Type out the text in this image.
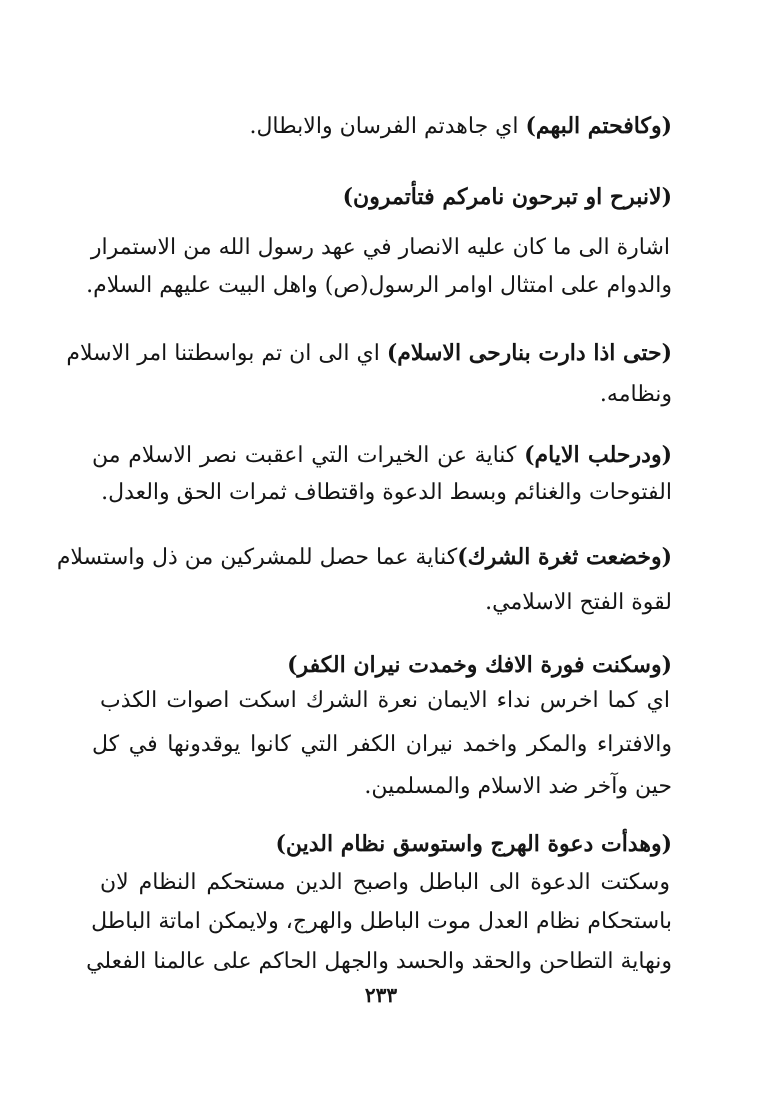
(وكافحتم البهم) اي جاهدتم الفرسان والابطال.
(لانبرح او تبرحون نامركم فتأتمرون)
اشارة الى ما كان عليه الانصار في عهد رسول الله من الاستمرار
والدوام على امتثال اوامر الرسول(ص) واهل البيت عليهم السلام.
(حتى اذا دارت بنارحى الاسلام) اي الى ان تم بواسطتنا امر الاسلام
ونظامه.
(ودرحلب الايام) كناية عن الخيرات التي اعقبت نصر الاسلام من
الفتوحات والغنائم وبسط الدعوة واقتطاف ثمرات الحق والعدل.
(وخضعت ثغرة الشرك)كناية عما حصل للمشركين من ذل واستسلام
لقوة الفتح الاسلامي.
(وسكنت فورة الافك وخمدت نيران الكفر)
اي كما اخرس نداء الايمان نعرة الشرك اسكت اصوات الكذب
والافتراء والمكر واخمد نيران الكفر التي كانوا يوقدونها في كل
حين وآخر ضد الاسلام والمسلمين.
(وهدأت دعوة الهرج واستوسق نظام الدين)
وسكتت الدعوة الى الباطل واصبح الدين مستحكم النظام لان
باستحكام نظام العدل موت الباطل والهرج، ولايمكن اماتة الباطل
ونهاية التطاحن والحقد والحسد والجهل الحاكم على عالمنا الفعلي
٢٣٣
